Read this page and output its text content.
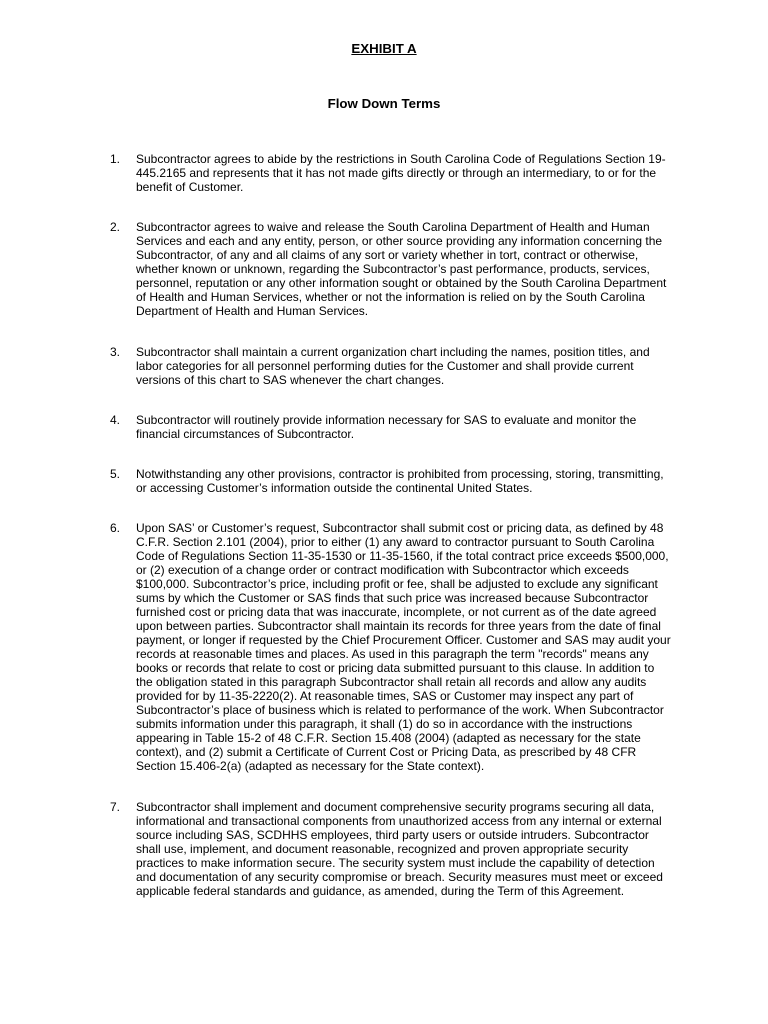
EXHIBIT A
Flow Down Terms
1.	Subcontractor agrees to abide by the restrictions in South Carolina Code of Regulations Section 19-445.2165 and represents that it has not made gifts directly or through an intermediary, to or for the benefit of Customer.
2.	Subcontractor agrees to waive and release the South Carolina Department of Health and Human Services and each and any entity, person, or other source providing any information concerning the Subcontractor, of any and all claims of any sort or variety whether in tort, contract or otherwise, whether known or unknown, regarding the Subcontractor’s past performance, products, services, personnel, reputation or any other information sought or obtained by the South Carolina Department of Health and Human Services, whether or not the information is relied on by the South Carolina Department of Health and Human Services.
3.	Subcontractor shall maintain a current organization chart including the names, position titles, and labor categories for all personnel performing duties for the Customer and shall provide current versions of this chart to SAS whenever the chart changes.
4.	Subcontractor will routinely provide information necessary for SAS to evaluate and monitor the financial circumstances of Subcontractor.
5.	Notwithstanding any other provisions, contractor is prohibited from processing, storing, transmitting, or accessing Customer’s information outside the continental United States.
6.	Upon SAS’ or Customer’s request, Subcontractor shall submit cost or pricing data, as defined by 48 C.F.R. Section 2.101 (2004), prior to either (1) any award to contractor pursuant to South Carolina Code of Regulations Section 11-35-1530 or 11-35-1560, if the total contract price exceeds $500,000, or (2) execution of a change order or contract modification with Subcontractor which exceeds $100,000. Subcontractor’s price, including profit or fee, shall be adjusted to exclude any significant sums by which the Customer or SAS finds that such price was increased because Subcontractor furnished cost or pricing data that was inaccurate, incomplete, or not current as of the date agreed upon between parties. Subcontractor shall maintain its records for three years from the date of final payment, or longer if requested by the Chief Procurement Officer. Customer and SAS may audit your records at reasonable times and places. As used in this paragraph the term "records" means any books or records that relate to cost or pricing data submitted pursuant to this clause. In addition to the obligation stated in this paragraph Subcontractor shall retain all records and allow any audits provided for by 11-35-2220(2). At reasonable times, SAS or Customer may inspect any part of Subcontractor’s place of business which is related to performance of the work. When Subcontractor submits information under this paragraph, it shall (1) do so in accordance with the instructions appearing in Table 15-2 of 48 C.F.R. Section 15.408 (2004) (adapted as necessary for the state context), and (2) submit a Certificate of Current Cost or Pricing Data, as prescribed by 48 CFR Section 15.406-2(a) (adapted as necessary for the State context).
7.	Subcontractor shall implement and document comprehensive security programs securing all data, informational and transactional components from unauthorized access from any internal or external source including SAS, SCDHHS employees, third party users or outside intruders. Subcontractor shall use, implement, and document reasonable, recognized and proven appropriate security practices to make information secure. The security system must include the capability of detection and documentation of any security compromise or breach. Security measures must meet or exceed applicable federal standards and guidance, as amended, during the Term of this Agreement.
